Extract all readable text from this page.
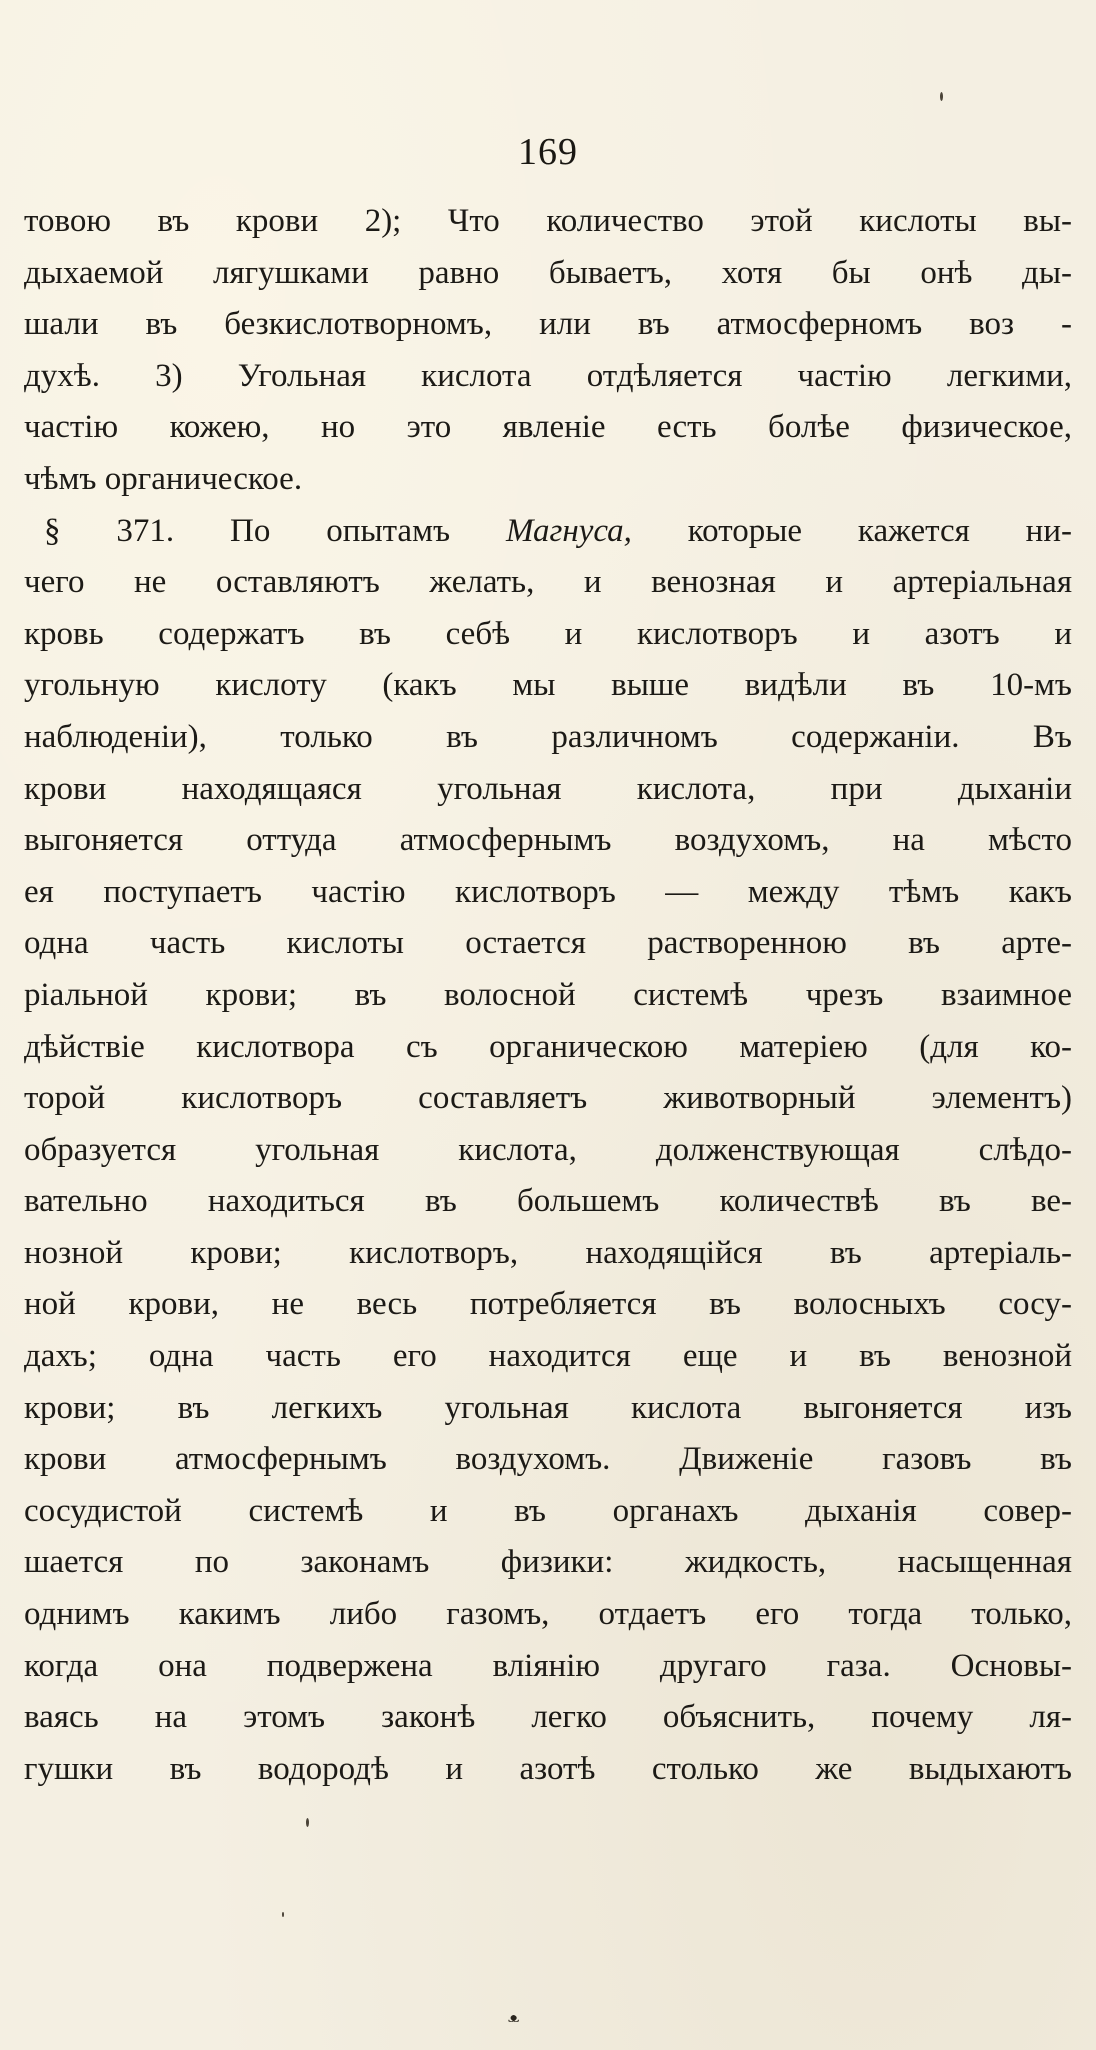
169
товою въ крови 2); Что количество этой кислоты вы-
дыхаемой лягушками равно бываетъ, хотя бы онѣ ды-
шали въ безкислотворномъ, или въ атмосферномъ воз -
духѣ. 3) Угольная кислота отдѣляется частію легкими,
частію кожею, но это явленіе есть болѣе физическое,
чѣмъ органическое.
§ 371. По опытамъ Магнуса, которые кажется ни-
чего не оставляютъ желать, и венозная и артеріальная
кровь содержатъ въ себѣ и кислотворъ и азотъ и
угольную кислоту (какъ мы выше видѣли въ 10-мъ
наблюденіи), только въ различномъ содержаніи. Въ
крови находящаяся угольная кислота, при дыханіи
выгоняется оттуда атмосфернымъ воздухомъ, на мѣсто
ея поступаетъ частію кислотворъ — между тѣмъ какъ
одна часть кислоты остается растворенною въ арте-
ріальной крови; въ волосной системѣ чрезъ взаимное
дѣйствіе кислотвора съ органическою матеріею (для ко-
торой кислотворъ составляетъ животворный элементъ)
образуется угольная кислота, долженствующая слѣдо-
вательно находиться въ большемъ количествѣ въ ве-
нозной крови; кислотворъ, находящійся въ артеріаль-
ной крови, не весь потребляется въ волосныхъ сосу-
дахъ; одна часть его находится еще и въ венозной
крови; въ легкихъ угольная кислота выгоняется изъ
крови атмосфернымъ воздухомъ. Движеніе газовъ въ
сосудистой системѣ и въ органахъ дыханія совер-
шается по законамъ физики: жидкость, насыщенная
однимъ какимъ либо газомъ, отдаетъ его тогда только,
когда она подвержена вліянію другаго газа. Основы-
ваясь на этомъ законѣ легко объяснить, почему ля-
гушки въ водородѣ и азотѣ столько же выдыхаютъ
ᵜ
